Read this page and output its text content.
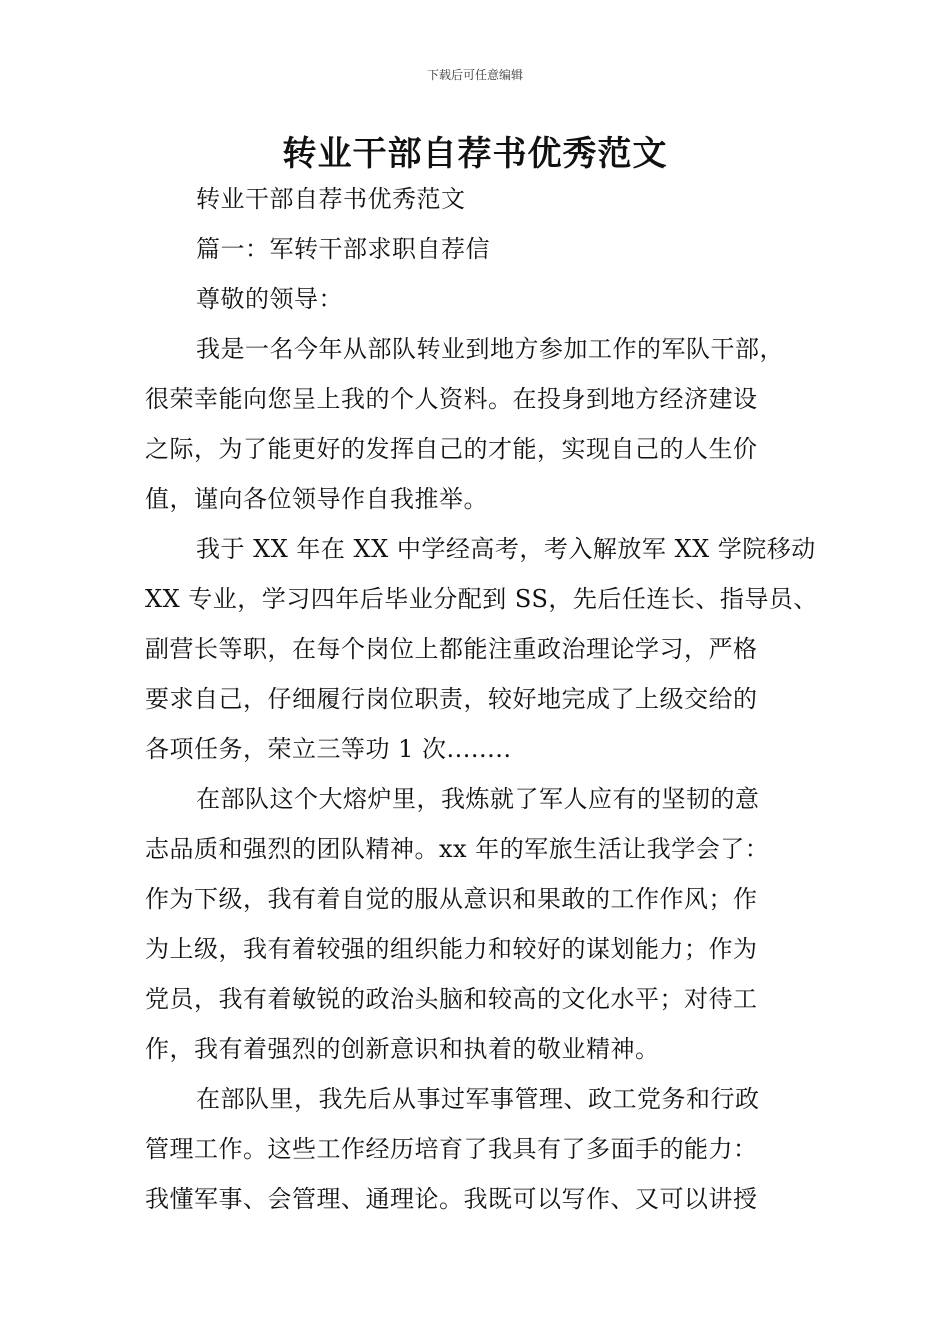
下载后可任意编辑
转业干部自荐书优秀范文
转业干部自荐书优秀范文
篇一：军转干部求职自荐信
尊敬的领导：
我是一名今年从部队转业到地方参加工作的军队干部，
很荣幸能向您呈上我的个人资料。在投身到地方经济建设
之际，为了能更好的发挥自己的才能，实现自己的人生价
值，谨向各位领导作自我推举。
我于 XX 年在 XX 中学经高考，考入解放军 XX 学院移动
XX 专业，学习四年后毕业分配到 SS，先后任连长、指导员、
副营长等职，在每个岗位上都能注重政治理论学习，严格
要求自己，仔细履行岗位职责，较好地完成了上级交给的
各项任务，荣立三等功 1 次........
在部队这个大熔炉里，我炼就了军人应有的坚韧的意
志品质和强烈的团队精神。xx 年的军旅生活让我学会了：
作为下级，我有着自觉的服从意识和果敢的工作作风；作
为上级，我有着较强的组织能力和较好的谋划能力；作为
党员，我有着敏锐的政治头脑和较高的文化水平；对待工
作，我有着强烈的创新意识和执着的敬业精神。
在部队里，我先后从事过军事管理、政工党务和行政
管理工作。这些工作经历培育了我具有了多面手的能力：
我懂军事、会管理、通理论。我既可以写作、又可以讲授
